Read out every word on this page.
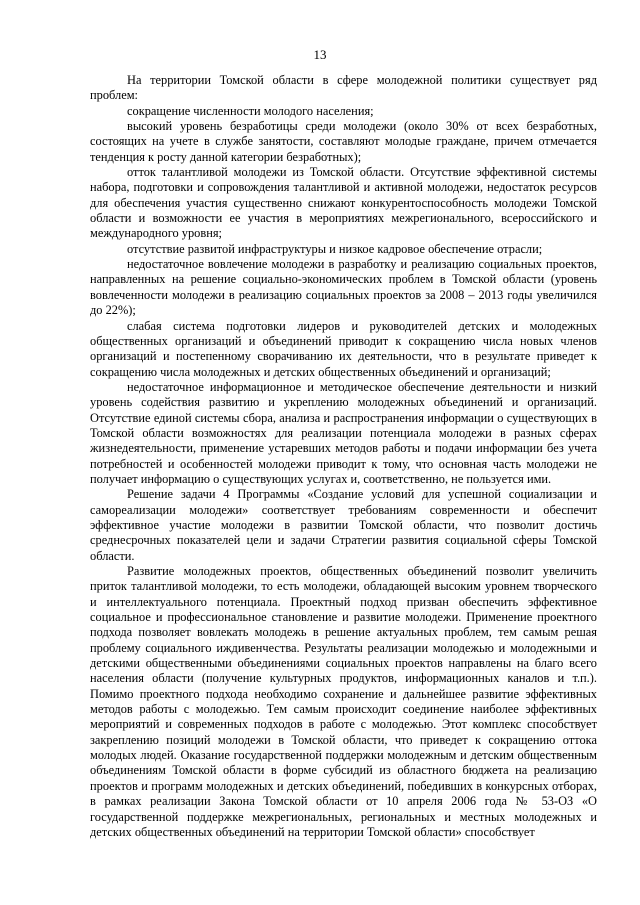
13

На территории Томской области в сфере молодежной политики существует ряд проблем:

сокращение численности молодого населения;

высокий уровень безработицы среди молодежи (около 30% от всех безработных, состоящих на учете в службе занятости, составляют молодые граждане, причем отмечается тенденция к росту данной категории безработных);

отток талантливой молодежи из Томской области. Отсутствие эффективной системы набора, подготовки и сопровождения талантливой и активной молодежи, недостаток ресурсов для обеспечения участия существенно снижают конкурентоспособность молодежи Томской области и возможности ее участия в мероприятиях межрегионального, всероссийского и международного уровня;

отсутствие развитой инфраструктуры и низкое кадровое обеспечение отрасли;

недостаточное вовлечение молодежи в разработку и реализацию социальных проектов, направленных на решение социально-экономических проблем в Томской области (уровень вовлеченности молодежи в реализацию социальных проектов за 2008 – 2013 годы увеличился до 22%);

слабая система подготовки лидеров и руководителей детских и молодежных общественных организаций и объединений приводит к сокращению числа новых членов организаций и постепенному сворачиванию их деятельности, что в результате приведет к сокращению числа молодежных и детских общественных объединений и организаций;

недостаточное информационное и методическое обеспечение деятельности и низкий уровень содействия развитию и укреплению молодежных объединений и организаций. Отсутствие единой системы сбора, анализа и распространения информации о существующих в Томской области возможностях для реализации потенциала молодежи в разных сферах жизнедеятельности, применение устаревших методов работы и подачи информации без учета потребностей и особенностей молодежи приводит к тому, что основная часть молодежи не получает информацию о существующих услугах и, соответственно, не пользуется ими.

Решение задачи 4 Программы «Создание условий для успешной социализации и самореализации молодежи» соответствует требованиям современности и обеспечит эффективное участие молодежи в развитии Томской области, что позволит достичь среднесрочных показателей цели и задачи Стратегии развития социальной сферы Томской области.

Развитие молодежных проектов, общественных объединений позволит увеличить приток талантливой молодежи, то есть молодежи, обладающей высоким уровнем творческого и интеллектуального потенциала. Проектный подход призван обеспечить эффективное социальное и профессиональное становление и развитие молодежи. Применение проектного подхода позволяет вовлекать молодежь в решение актуальных проблем, тем самым решая проблему социального иждивенчества. Результаты реализации молодежью и молодежными и детскими общественными объединениями социальных проектов направлены на благо всего населения области (получение культурных продуктов, информационных каналов и т.п.). Помимо проектного подхода необходимо сохранение и дальнейшее развитие эффективных методов работы с молодежью. Тем самым происходит соединение наиболее эффективных мероприятий и современных подходов в работе с молодежью. Этот комплекс способствует закреплению позиций молодежи в Томской области, что приведет к сокращению оттока молодых людей. Оказание государственной поддержки молодежным и детским общественным объединениям Томской области в форме субсидий из областного бюджета на реализацию проектов и программ молодежных и детских объединений, победивших в конкурсных отборах, в рамках реализации Закона Томской области от 10 апреля 2006 года № 53-ОЗ «О государственной поддержке межрегиональных, региональных и местных молодежных и детских общественных объединений на территории Томской области» способствует
